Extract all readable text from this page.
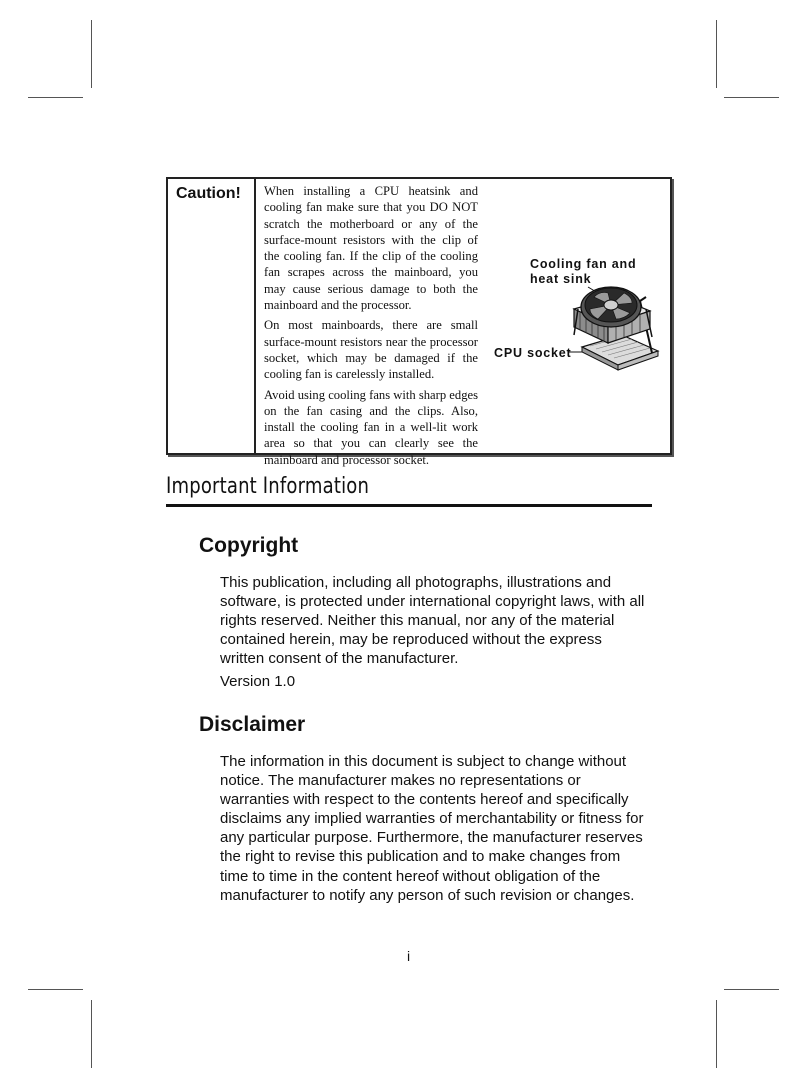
Caution! When installing a CPU heatsink and cooling fan make sure that you DO NOT scratch the motherboard or any of the surface-mount resistors with the clip of the cooling fan. If the clip of the cooling fan scrapes across the mainboard, you may cause serious damage to both the mainboard and the processor.

On most mainboards, there are small surface-mount resistors near the processor socket, which may be damaged if the cooling fan is carelessly installed.

Avoid using cooling fans with sharp edges on the fan casing and the clips. Also, install the cooling fan in a well-lit work area so that you can clearly see the mainboard and processor socket.

Cooling fan and
heat sink
CPU socket
Important Information
Copyright
This publication, including all photographs, illustrations and software, is protected under international copyright laws, with all rights reserved. Neither this manual, nor any of the material contained herein, may be reproduced without the express written consent of the manufacturer.
Version 1.0
Disclaimer
The information in this document is subject to change without notice. The manufacturer makes no representations or warranties with respect to the contents hereof and specifically disclaims any implied warranties of merchantability or fitness for any particular purpose. Furthermore, the manufacturer reserves the right to revise this publication and to make changes from time to time in the content hereof without obligation of the manufacturer to notify any person of such revision or changes.
i
